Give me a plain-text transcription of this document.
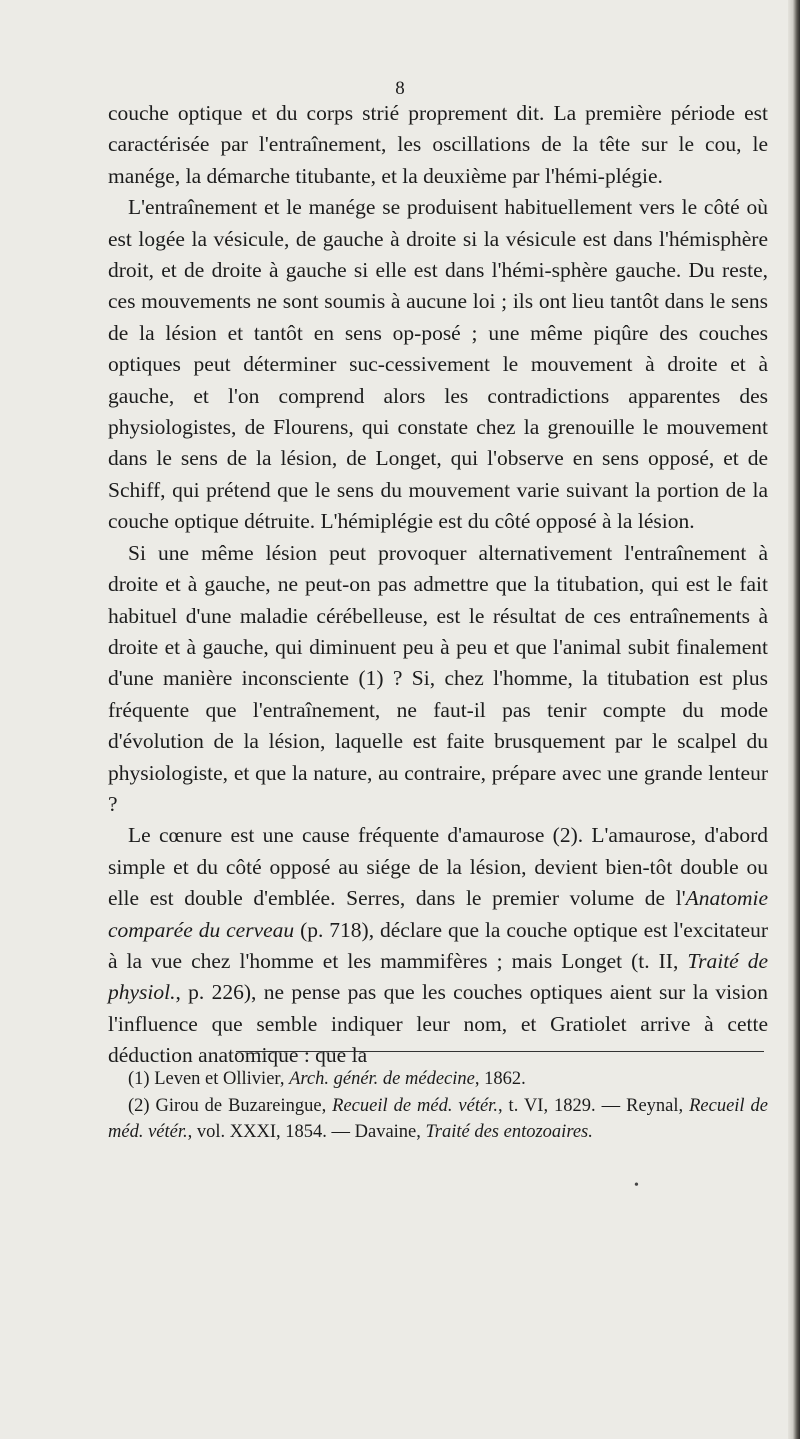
8

couche optique et du corps strié proprement dit. La première période est caractérisée par l'entraînement, les oscillations de la tête sur le cou, le manége, la démarche titubante, et la deuxième par l'hémi-plégie.

L'entraînement et le manége se produisent habituellement vers le côté où est logée la vésicule, de gauche à droite si la vésicule est dans l'hémisphère droit, et de droite à gauche si elle est dans l'hémi-sphère gauche. Du reste, ces mouvements ne sont soumis à aucune loi ; ils ont lieu tantôt dans le sens de la lésion et tantôt en sens op-posé ; une même piqûre des couches optiques peut déterminer suc-cessivement le mouvement à droite et à gauche, et l'on comprend alors les contradictions apparentes des physiologistes, de Flourens, qui constate chez la grenouille le mouvement dans le sens de la lésion, de Longet, qui l'observe en sens opposé, et de Schiff, qui prétend que le sens du mouvement varie suivant la portion de la couche optique détruite. L'hémiplégie est du côté opposé à la lésion.

Si une même lésion peut provoquer alternativement l'entraînement à droite et à gauche, ne peut-on pas admettre que la titubation, qui est le fait habituel d'une maladie cérébelleuse, est le résultat de ces entraînements à droite et à gauche, qui diminuent peu à peu et que l'animal subit finalement d'une manière inconsciente (1) ? Si, chez l'homme, la titubation est plus fréquente que l'entraînement, ne faut-il pas tenir compte du mode d'évolution de la lésion, laquelle est faite brusquement par le scalpel du physiologiste, et que la nature, au contraire, prépare avec une grande lenteur ?

Le cœnure est une cause fréquente d'amaurose (2). L'amaurose, d'abord simple et du côté opposé au siége de la lésion, devient bien-tôt double ou elle est double d'emblée. Serres, dans le premier volume de l'Anatomie comparée du cerveau (p. 718), déclare que la couche optique est l'excitateur à la vue chez l'homme et les mammifères ; mais Longet (t. II, Traité de physiol., p. 226), ne pense pas que les couches optiques aient sur la vision l'influence que semble indiquer leur nom, et Gratiolet arrive à cette déduction anatomique : que la

(1) Leven et Ollivier, Arch. génér. de médecine, 1862.

(2) Girou de Buzareingue, Recueil de méd. vétér., t. VI, 1829. — Reynal, Recueil de méd. vétér., vol. XXXI, 1854. — Davaine, Traité des entozoaires.

•
